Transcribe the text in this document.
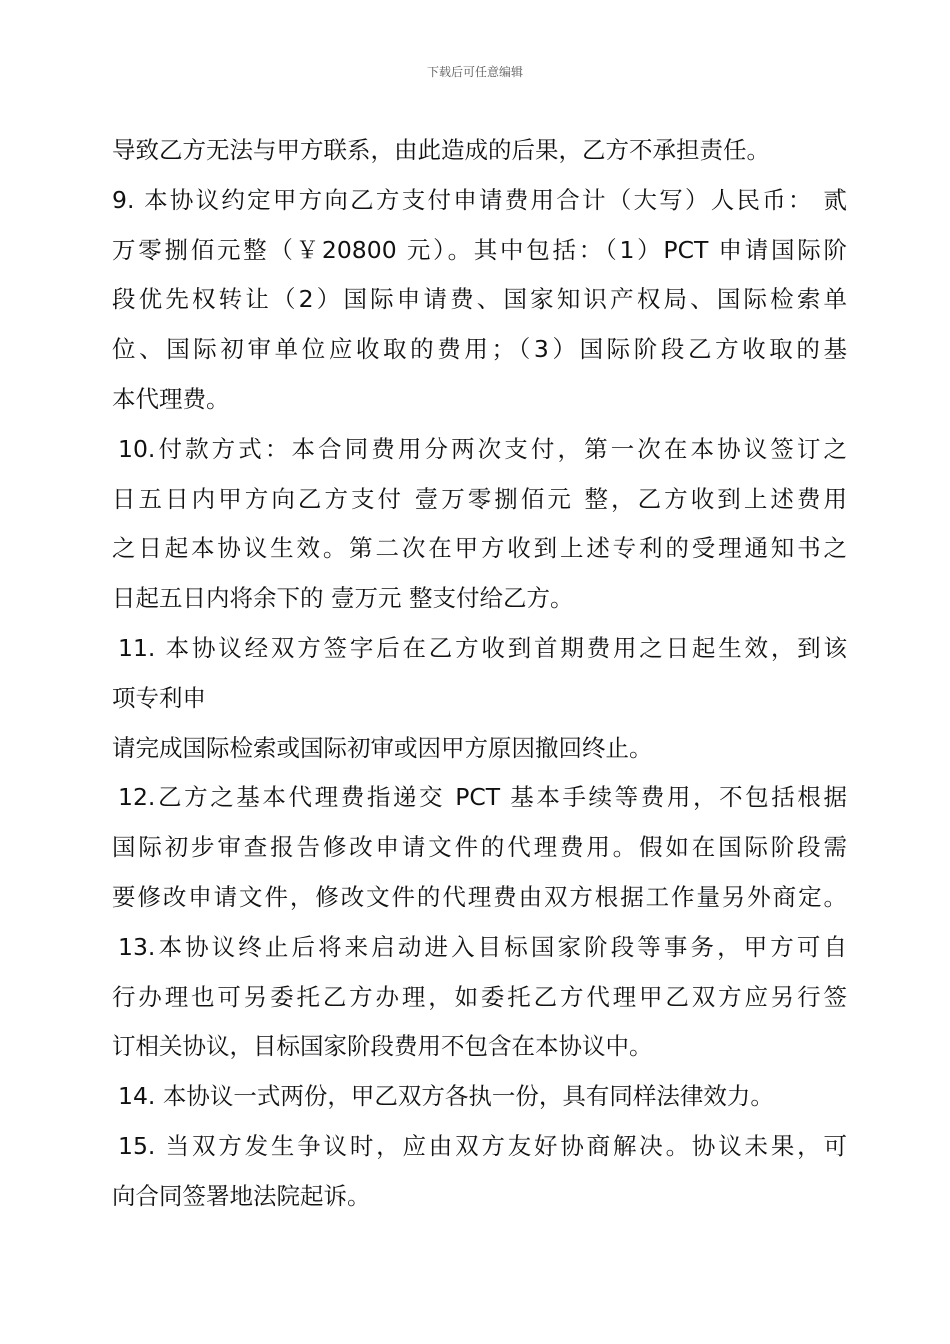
下载后可任意编辑
导致乙方无法与甲方联系，由此造成的后果，乙方不承担责任。
9. 本协议约定甲方向乙方支付申请费用合计（大写）人民币： 贰
万零捌佰元整（￥20800 元）。其中包括：（1）PCT 申请国际阶
段优先权转让（2）国际申请费、国家知识产权局、国际检索单
位、国际初审单位应收取的费用；（3）国际阶段乙方收取的基
本代理费。
10.付款方式：本合同费用分两次支付，第一次在本协议签订之
日五日内甲方向乙方支付 壹万零捌佰元 整，乙方收到上述费用
之日起本协议生效。第二次在甲方收到上述专利的受理通知书之
日起五日内将余下的 壹万元 整支付给乙方。
11. 本协议经双方签字后在乙方收到首期费用之日起生效，到该
项专利申
请完成国际检索或国际初审或因甲方原因撤回终止。
12.乙方之基本代理费指递交 PCT 基本手续等费用，不包括根据
国际初步审查报告修改申请文件的代理费用。假如在国际阶段需
要修改申请文件，修改文件的代理费由双方根据工作量另外商定。
13.本协议终止后将来启动进入目标国家阶段等事务，甲方可自
行办理也可另委托乙方办理，如委托乙方代理甲乙双方应另行签
订相关协议，目标国家阶段费用不包含在本协议中。
14. 本协议一式两份，甲乙双方各执一份，具有同样法律效力。
15. 当双方发生争议时，应由双方友好协商解决。协议未果，可
向合同签署地法院起诉。
